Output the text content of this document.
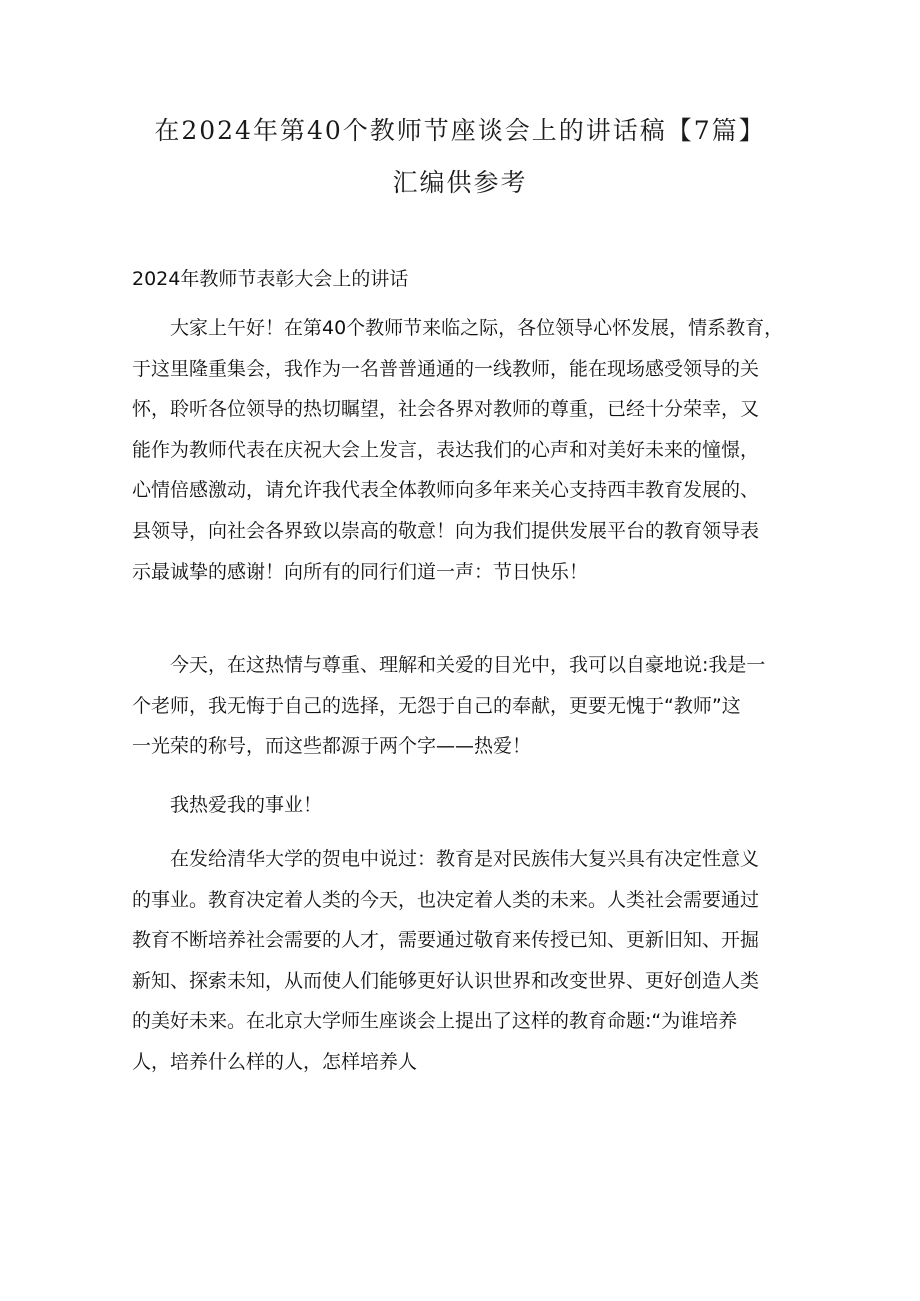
在2024年第40个教师节座谈会上的讲话稿【7篇】
汇编供参考
2024年教师节表彰大会上的讲话

　　大家上午好！在第40个教师节来临之际，各位领导心怀发展，情系教育，
于这里隆重集会，我作为一名普普通通的一线教师，能在现场感受领导的关
怀，聆听各位领导的热切瞩望，社会各界对教师的尊重，已经十分荣幸，又
能作为教师代表在庆祝大会上发言，表达我们的心声和对美好未来的憧憬，
心情倍感激动，请允许我代表全体教师向多年来关心支持西丰教育发展的、
县领导，向社会各界致以崇高的敬意！向为我们提供发展平台的教育领导表
示最诚挚的感谢！向所有的同行们道一声：节日快乐！

　　今天，在这热情与尊重、理解和关爱的目光中，我可以自豪地说:我是一
个老师，我无悔于自己的选择，无怨于自己的奉献，更要无愧于“教师”这
一光荣的称号，而这些都源于两个字——热爱！

　　我热爱我的事业！

　　在发给清华大学的贺电中说过：教育是对民族伟大复兴具有决定性意义
的事业。教育决定着人类的今天，也决定着人类的未来。人类社会需要通过
教育不断培养社会需要的人才，需要通过敬育来传授已知、更新旧知、开掘
新知、探索未知，从而使人们能够更好认识世界和改变世界、更好创造人类
的美好未来。在北京大学师生座谈会上提出了这样的教育命题:“为谁培养
人，培养什么样的人，怎样培养人
